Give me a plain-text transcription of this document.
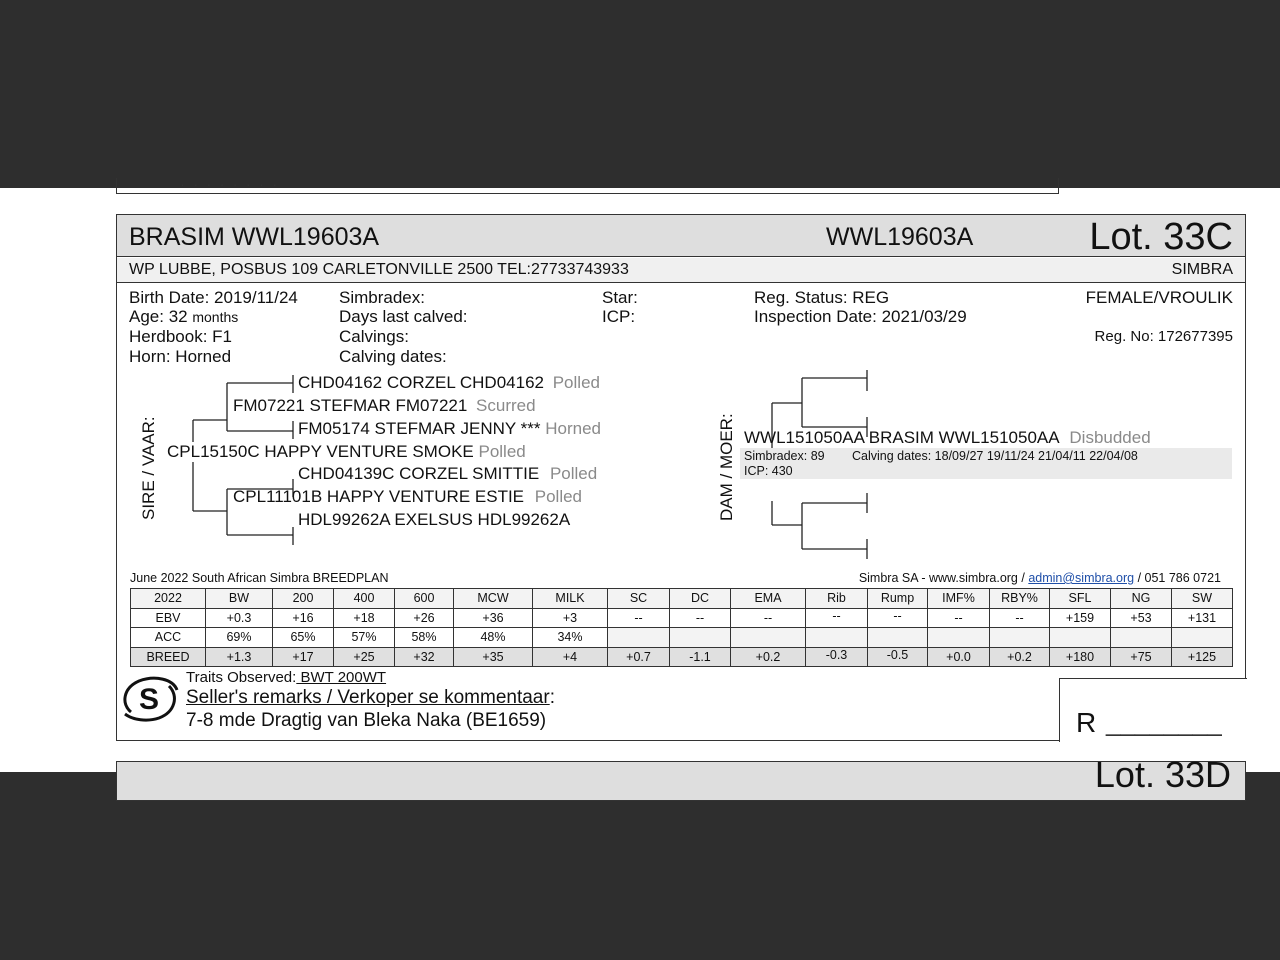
· · · · · · · ·
BRASIM WWL19603A	WWL19603A	Lot. 33C
WP LUBBE, POSBUS 109 CARLETONVILLE 2500 TEL:27733743933	SIMBRA
Birth Date: 2019/11/24
Age: 32 months
Herdbook: F1
Horn: Horned
Simbradex:
Days last calved:
Calvings:
Calving dates:
Star:
ICP:
Reg. Status: REG
Inspection Date: 2021/03/29
FEMALE/VROULIK
Reg. No: 172677395
SIRE / VAAR:	DAM / MOER:
CHD04162 CORZEL CHD04162 Polled
FM07221 STEFMAR FM07221 Scurred
FM05174 STEFMAR JENNY *** Horned
CPL15150C HAPPY VENTURE SMOKE Polled
CHD04139C CORZEL SMITTIE Polled
CPL11101B HAPPY VENTURE ESTIE Polled
HDL99262A EXELSUS HDL99262A
WWL151050AA BRASIM WWL151050AA Disbudded
Simbradex: 89 Calving dates: 18/09/27 19/11/24 21/04/11 22/04/08
ICP: 430
June 2022 South African Simbra BREEDPLAN	Simbra SA - www.simbra.org / admin@simbra.org / 051 786 0721
2022	BW	200	400	600	MCW	MILK	SC	DC	EMA	Rib	Rump	IMF%	RBY%	SFL	NG	SW
EBV	+0.3	+16	+18	+26	+36	+3	--	--	--	--	--	--	--	+159	+53	+131
ACC	69%	65%	57%	58%	48%	34%										
BREED	+1.3	+17	+25	+32	+35	+4	+0.7	-1.1	+0.2	-0.3	-0.5	+0.0	+0.2	+180	+75	+125
S
Traits Observed: BWT 200WT
Seller's remarks / Verkoper se kommentaar:
7-8 mde Dragtig van Bleka Naka (BE1659)	R ________
Lot. 33D
